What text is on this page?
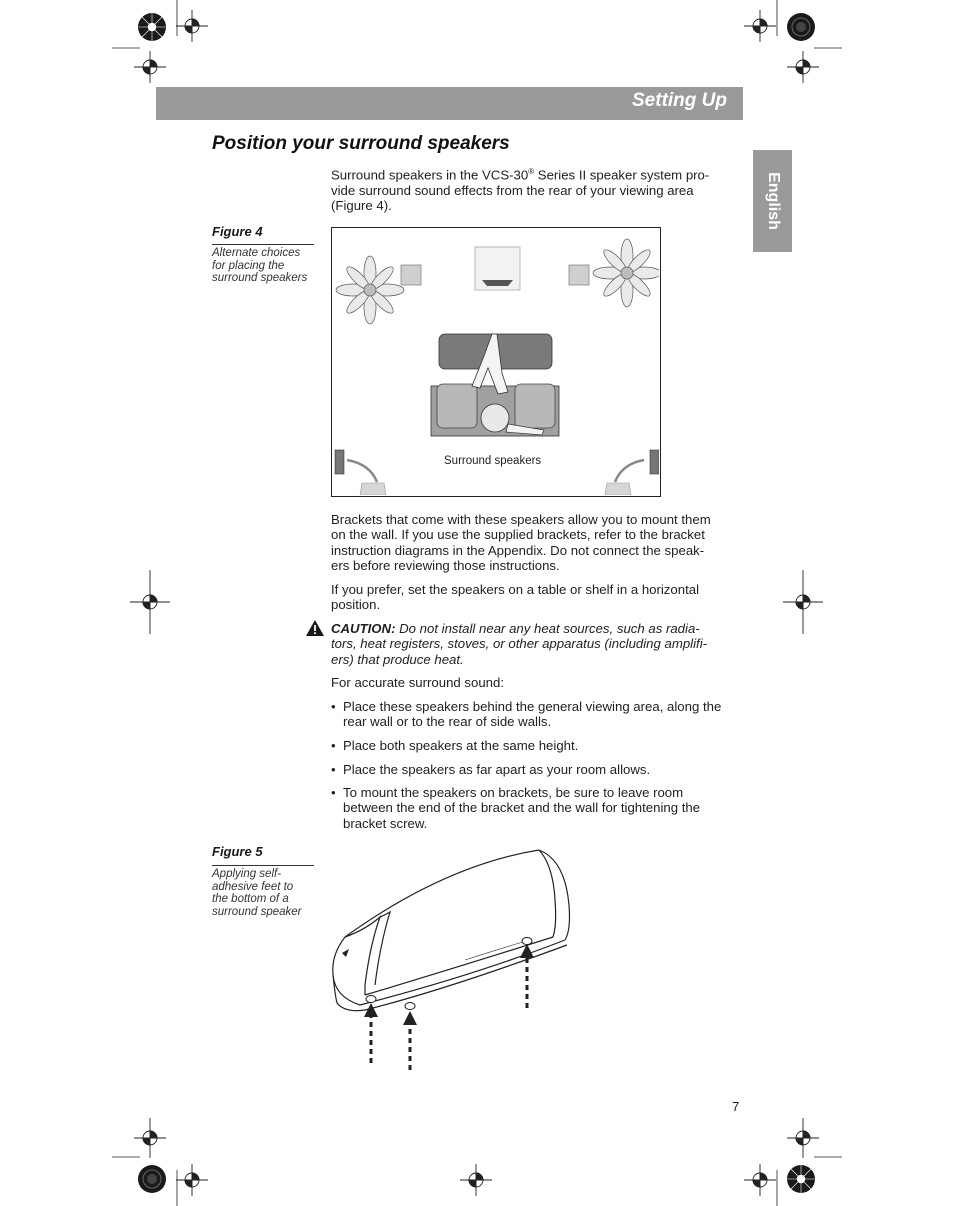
Setting Up
English
Position your surround speakers
Surround speakers in the VCS-30® Series II speaker system pro-
vide surround sound effects from the rear of your viewing area
(Figure 4).
Figure 4
Alternate choices
for placing the
surround speakers
Surround speakers
Brackets that come with these speakers allow you to mount them
on the wall. If you use the supplied brackets, refer to the bracket
instruction diagrams in the Appendix. Do not connect the speak-
ers before reviewing those instructions.
If you prefer, set the speakers on a table or shelf in a horizontal
position.
CAUTION: Do not install near any heat sources, such as radia-
tors, heat registers, stoves, or other apparatus (including amplifi-
ers) that produce heat.
For accurate surround sound:
• Place these speakers behind the general viewing area, along the
rear wall or to the rear of side walls.
• Place both speakers at the same height.
• Place the speakers as far apart as your room allows.
• To mount the speakers on brackets, be sure to leave room
between the end of the bracket and the wall for tightening the
bracket screw.
Figure 5
Applying self-
adhesive feet to
the bottom of a
surround speaker
7
